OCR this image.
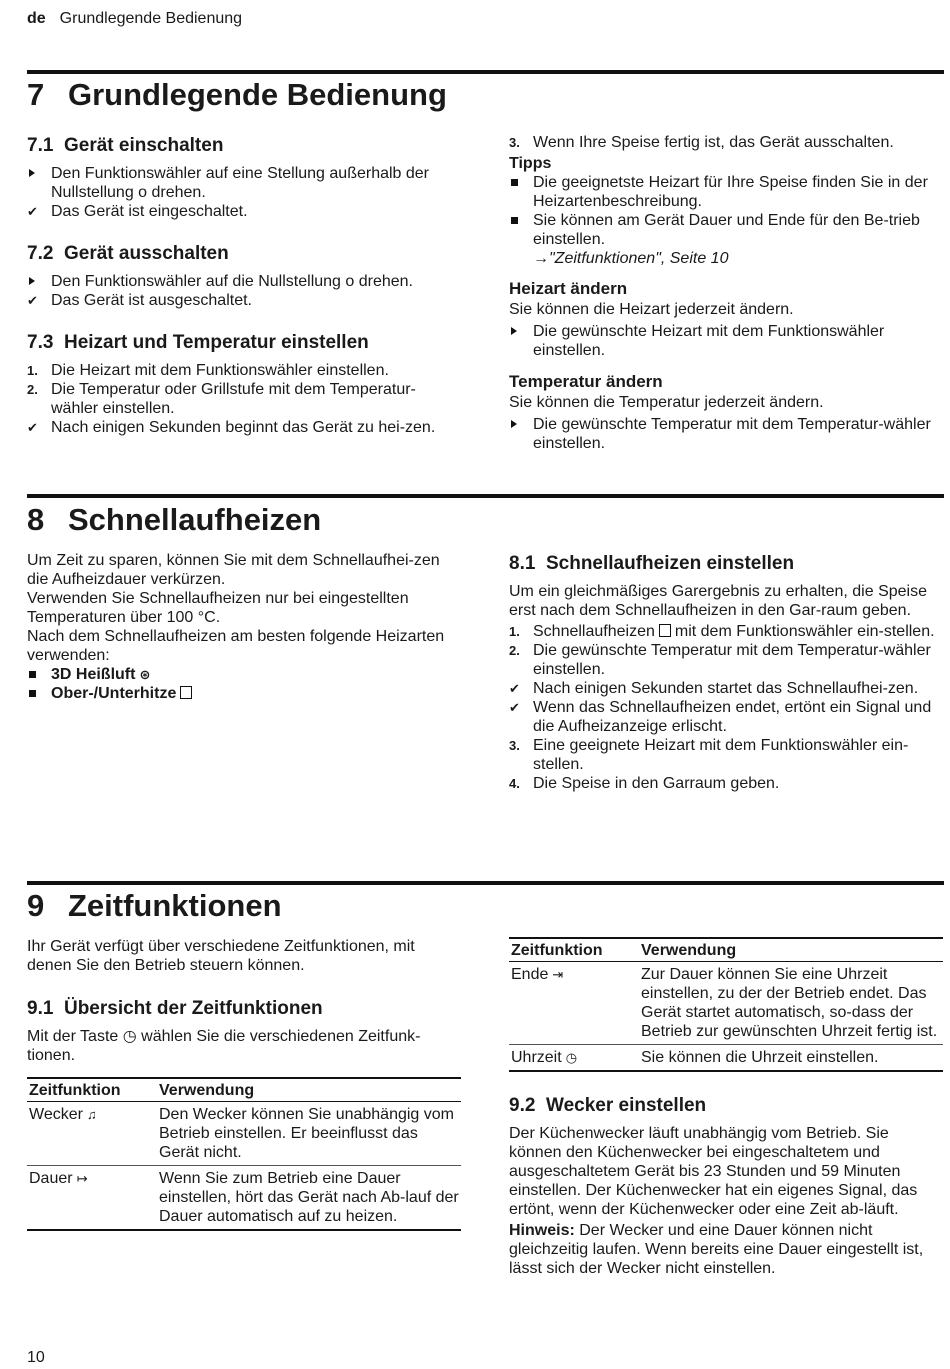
de Grundlegende Bedienung
7 Grundlegende Bedienung
7.1 Gerät einschalten

Den Funktionswähler auf eine Stellung außerhalb der Nullstellung o drehen.

✔ Das Gerät ist eingeschaltet.

7.2 Gerät ausschalten

Den Funktionswähler auf die Nullstellung o drehen.

✔ Das Gerät ist ausgeschaltet.

7.3 Heizart und Temperatur einstellen

1. Die Heizart mit dem Funktionswähler einstellen.

2. Die Temperatur oder Grillstufe mit dem Temperatur-wähler einstellen.

✔ Nach einigen Sekunden beginnt das Gerät zu hei-zen.

3. Wenn Ihre Speise fertig ist, das Gerät ausschalten.

Tipps

Die geeignetste Heizart für Ihre Speise finden Sie in der Heizartenbeschreibung.

Sie können am Gerät Dauer und Ende für den Be-trieb einstellen.
→"Zeitfunktionen", Seite 10

Heizart ändern

Sie können die Heizart jederzeit ändern.

Die gewünschte Heizart mit dem Funktionswähler einstellen.

Temperatur ändern

Sie können die Temperatur jederzeit ändern.

Die gewünschte Temperatur mit dem Temperatur-wähler einstellen.

8 Schnellaufheizen

Um Zeit zu sparen, können Sie mit dem Schnellaufhei-zen die Aufheizdauer verkürzen.

Verwenden Sie Schnellaufheizen nur bei eingestellten Temperaturen über 100 °C.

Nach dem Schnellaufheizen am besten folgende Heizarten verwenden:

3D Heißluft ⊛

Ober-/Unterhitze

8.1 Schnellaufheizen einstellen

Um ein gleichmäßiges Garergebnis zu erhalten, die Speise erst nach dem Schnellaufheizen in den Gar-raum geben.

1. Schnellaufheizen mit dem Funktionswähler ein-stellen.

2. Die gewünschte Temperatur mit dem Temperatur-wähler einstellen.

✔ Nach einigen Sekunden startet das Schnellaufhei-zen.

✔ Wenn das Schnellaufheizen endet, ertönt ein Signal und die Aufheizanzeige erlischt.

3. Eine geeignete Heizart mit dem Funktionswähler ein-stellen.

4. Die Speise in den Garraum geben.

9 Zeitfunktionen

Ihr Gerät verfügt über verschiedene Zeitfunktionen, mit denen Sie den Betrieb steuern können.

9.1 Übersicht der Zeitfunktionen

Mit der Taste ◷ wählen Sie die verschiedenen Zeitfunk-tionen.

Zeitfunktion	Verwendung
Wecker ♫	Den Wecker können Sie unabhängig vom Betrieb einstellen. Er beeinflusst das Gerät nicht.
Dauer ↦	Wenn Sie zum Betrieb eine Dauer einstellen, hört das Gerät nach Ab-lauf der Dauer automatisch auf zu heizen.
Zeitfunktion	Verwendung
Ende ⇥	Zur Dauer können Sie eine Uhrzeit einstellen, zu der der Betrieb endet. Das Gerät startet automatisch, so-dass der Betrieb zur gewünschten Uhrzeit fertig ist.
Uhrzeit ◷	Sie können die Uhrzeit einstellen.
9.2 Wecker einstellen

Der Küchenwecker läuft unabhängig vom Betrieb. Sie können den Küchenwecker bei eingeschaltetem und ausgeschaltetem Gerät bis 23 Stunden und 59 Minuten einstellen. Der Küchenwecker hat ein eigenes Signal, das ertönt, wenn der Küchenwecker oder eine Zeit ab-läuft.

Hinweis: Der Wecker und eine Dauer können nicht gleichzeitig laufen. Wenn bereits eine Dauer eingestellt ist, lässt sich der Wecker nicht einstellen.

10
